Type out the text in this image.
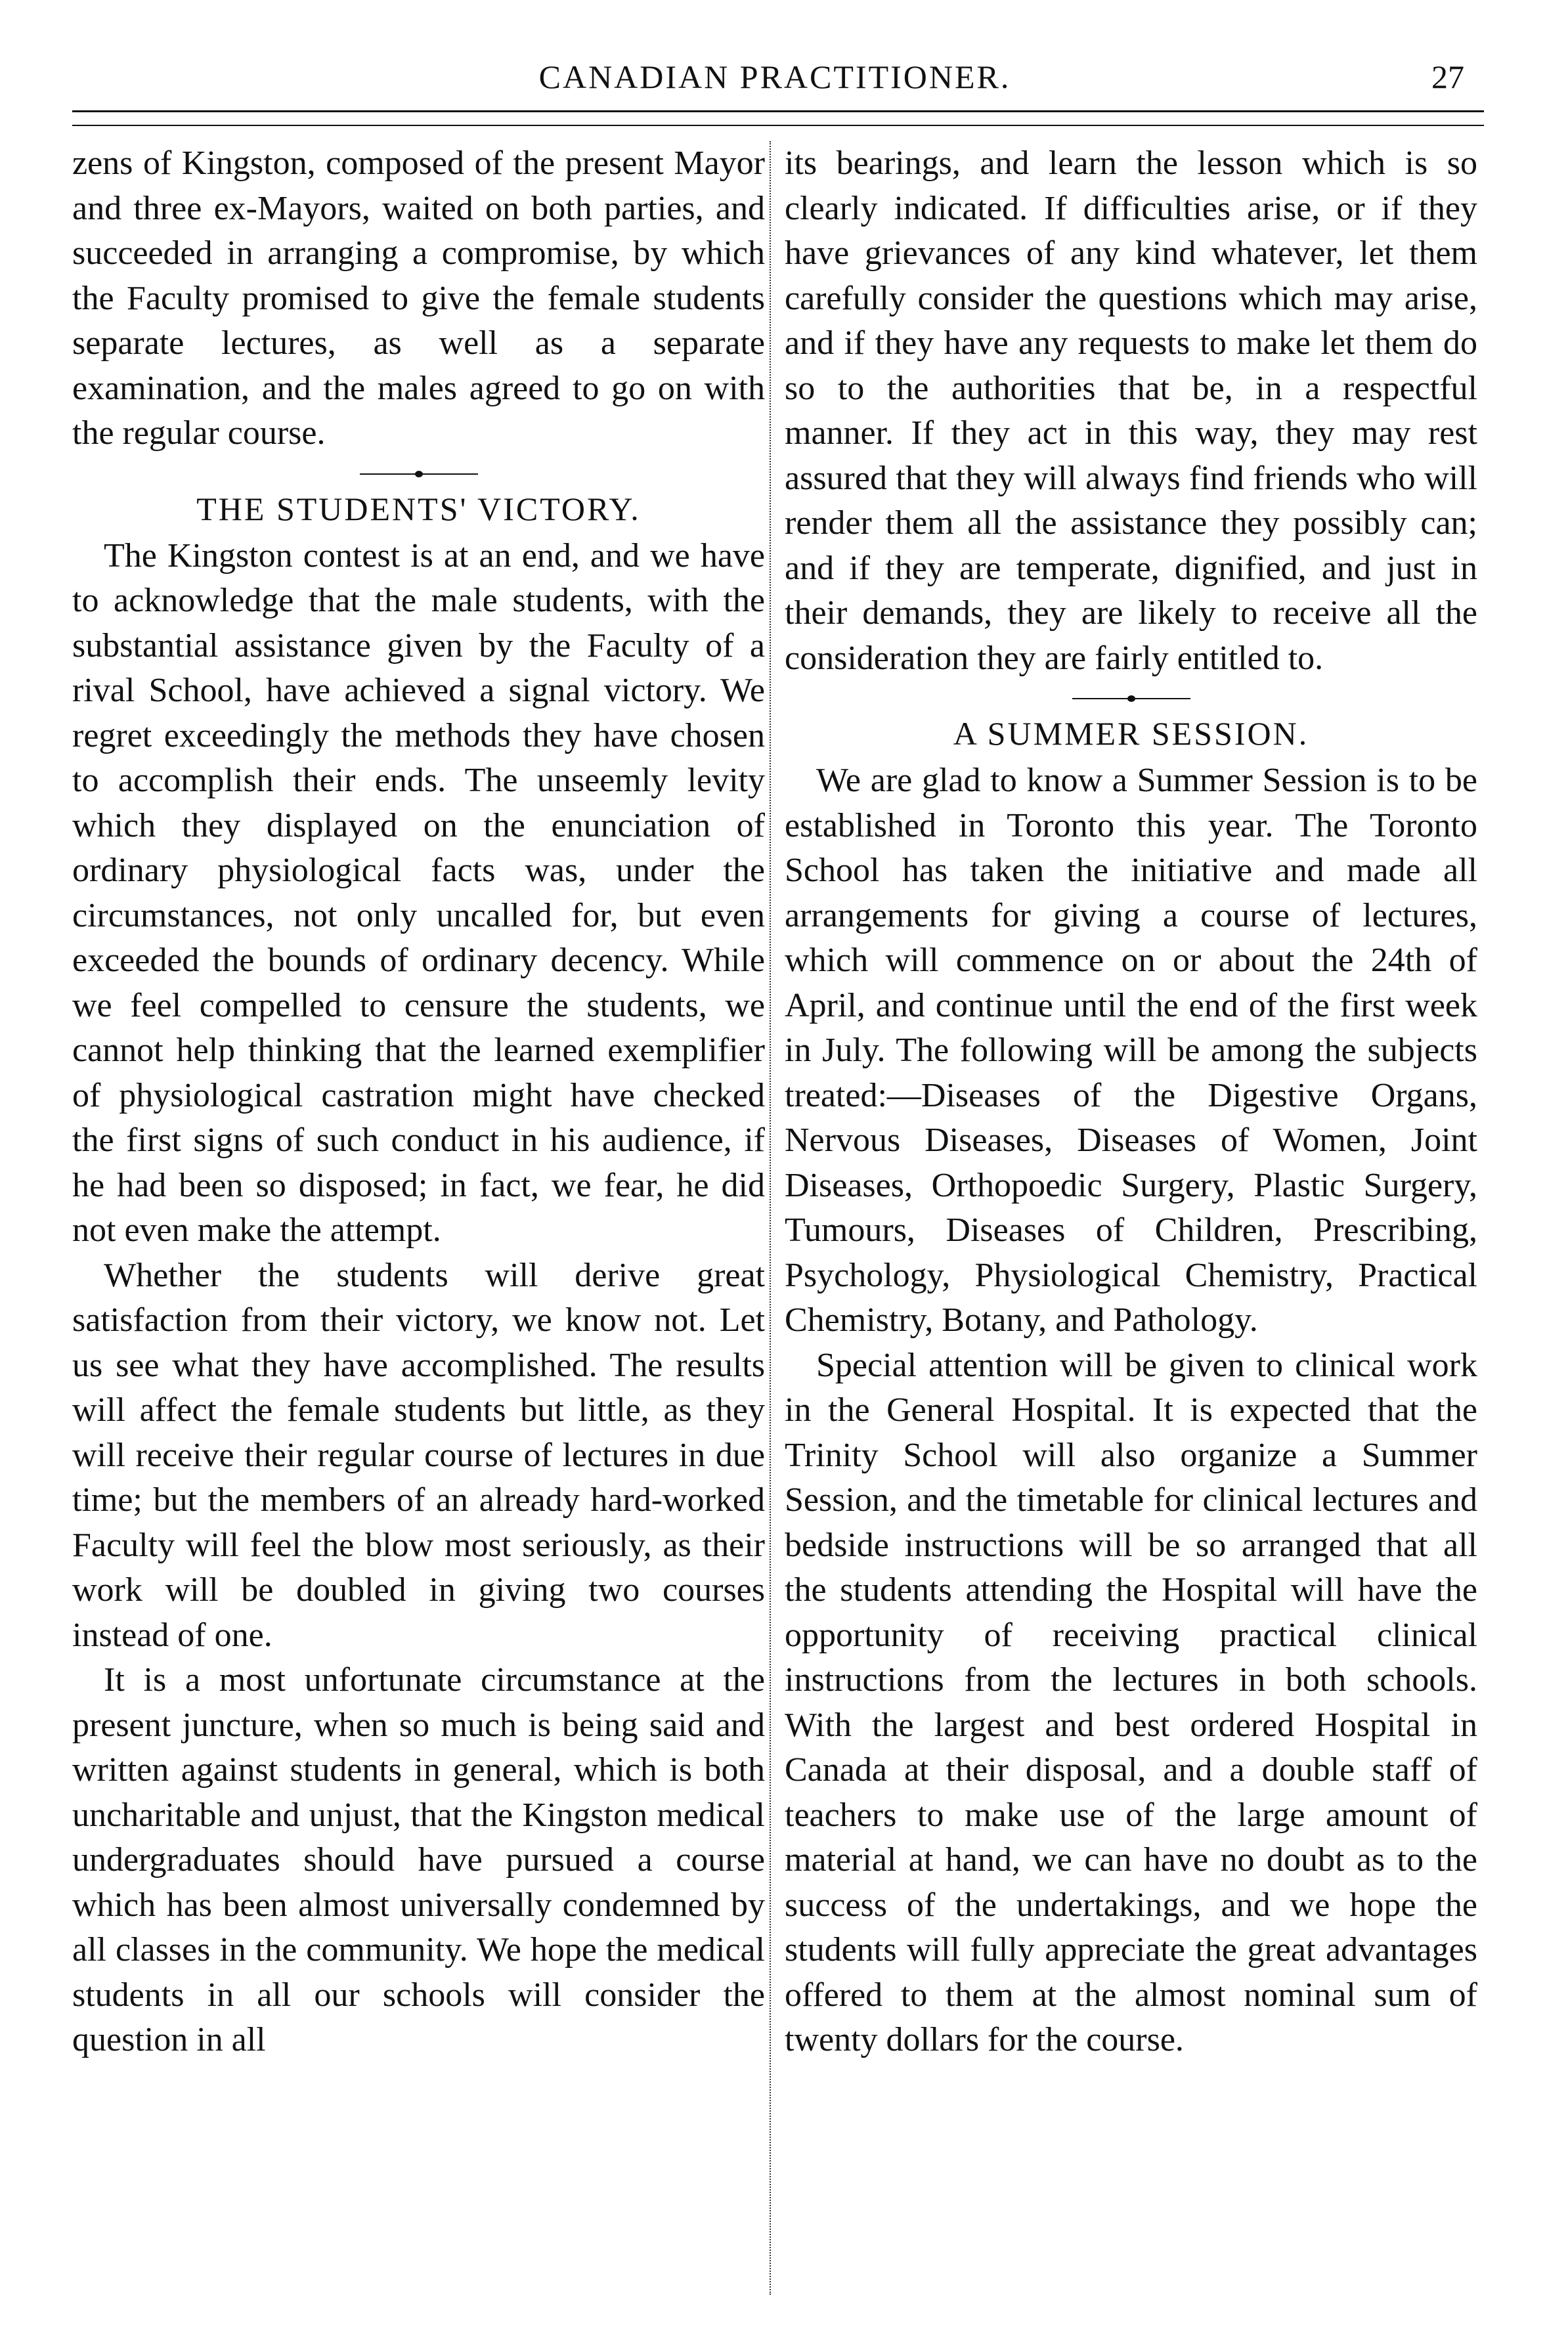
CANADIAN PRACTITIONER.	27

zens of Kingston, composed of the present Mayor and three ex-Mayors, waited on both parties, and succeeded in arranging a compromise, by which the Faculty promised to give the female students separate lectures, as well as a separate examination, and the males agreed to go on with the regular course.

THE STUDENTS' VICTORY.

The Kingston contest is at an end, and we have to acknowledge that the male students, with the substantial assistance given by the Faculty of a rival School, have achieved a signal victory. We regret exceedingly the methods they have chosen to accomplish their ends. The unseemly levity which they displayed on the enunciation of ordinary physiological facts was, under the circumstances, not only uncalled for, but even exceeded the bounds of ordinary decency. While we feel compelled to censure the students, we cannot help thinking that the learned exemplifier of physiological castration might have checked the first signs of such conduct in his audience, if he had been so disposed; in fact, we fear, he did not even make the attempt.

Whether the students will derive great satisfaction from their victory, we know not. Let us see what they have accomplished. The results will affect the female students but little, as they will receive their regular course of lectures in due time; but the members of an already hard-worked Faculty will feel the blow most seriously, as their work will be doubled in giving two courses instead of one.

It is a most unfortunate circumstance at the present juncture, when so much is being said and written against students in general, which is both uncharitable and unjust, that the Kingston medical undergraduates should have pursued a course which has been almost universally condemned by all classes in the community. We hope the medical students in all our schools will consider the question in all

its bearings, and learn the lesson which is so clearly indicated. If difficulties arise, or if they have grievances of any kind whatever, let them carefully consider the questions which may arise, and if they have any requests to make let them do so to the authorities that be, in a respectful manner. If they act in this way, they may rest assured that they will always find friends who will render them all the assistance they possibly can; and if they are temperate, dignified, and just in their demands, they are likely to receive all the consideration they are fairly entitled to.

A SUMMER SESSION.

We are glad to know a Summer Session is to be established in Toronto this year. The Toronto School has taken the initiative and made all arrangements for giving a course of lectures, which will commence on or about the 24th of April, and continue until the end of the first week in July. The following will be among the subjects treated:—Diseases of the Digestive Organs, Nervous Diseases, Diseases of Women, Joint Diseases, Orthopoedic Surgery, Plastic Surgery, Tumours, Diseases of Children, Prescribing, Psychology, Physiological Chemistry, Practical Chemistry, Botany, and Pathology.

Special attention will be given to clinical work in the General Hospital. It is expected that the Trinity School will also organize a Summer Session, and the timetable for clinical lectures and bedside instructions will be so arranged that all the students attending the Hospital will have the opportunity of receiving practical clinical instructions from the lectures in both schools. With the largest and best ordered Hospital in Canada at their disposal, and a double staff of teachers to make use of the large amount of material at hand, we can have no doubt as to the success of the undertakings, and we hope the students will fully appreciate the great advantages offered to them at the almost nominal sum of twenty dollars for the course.
